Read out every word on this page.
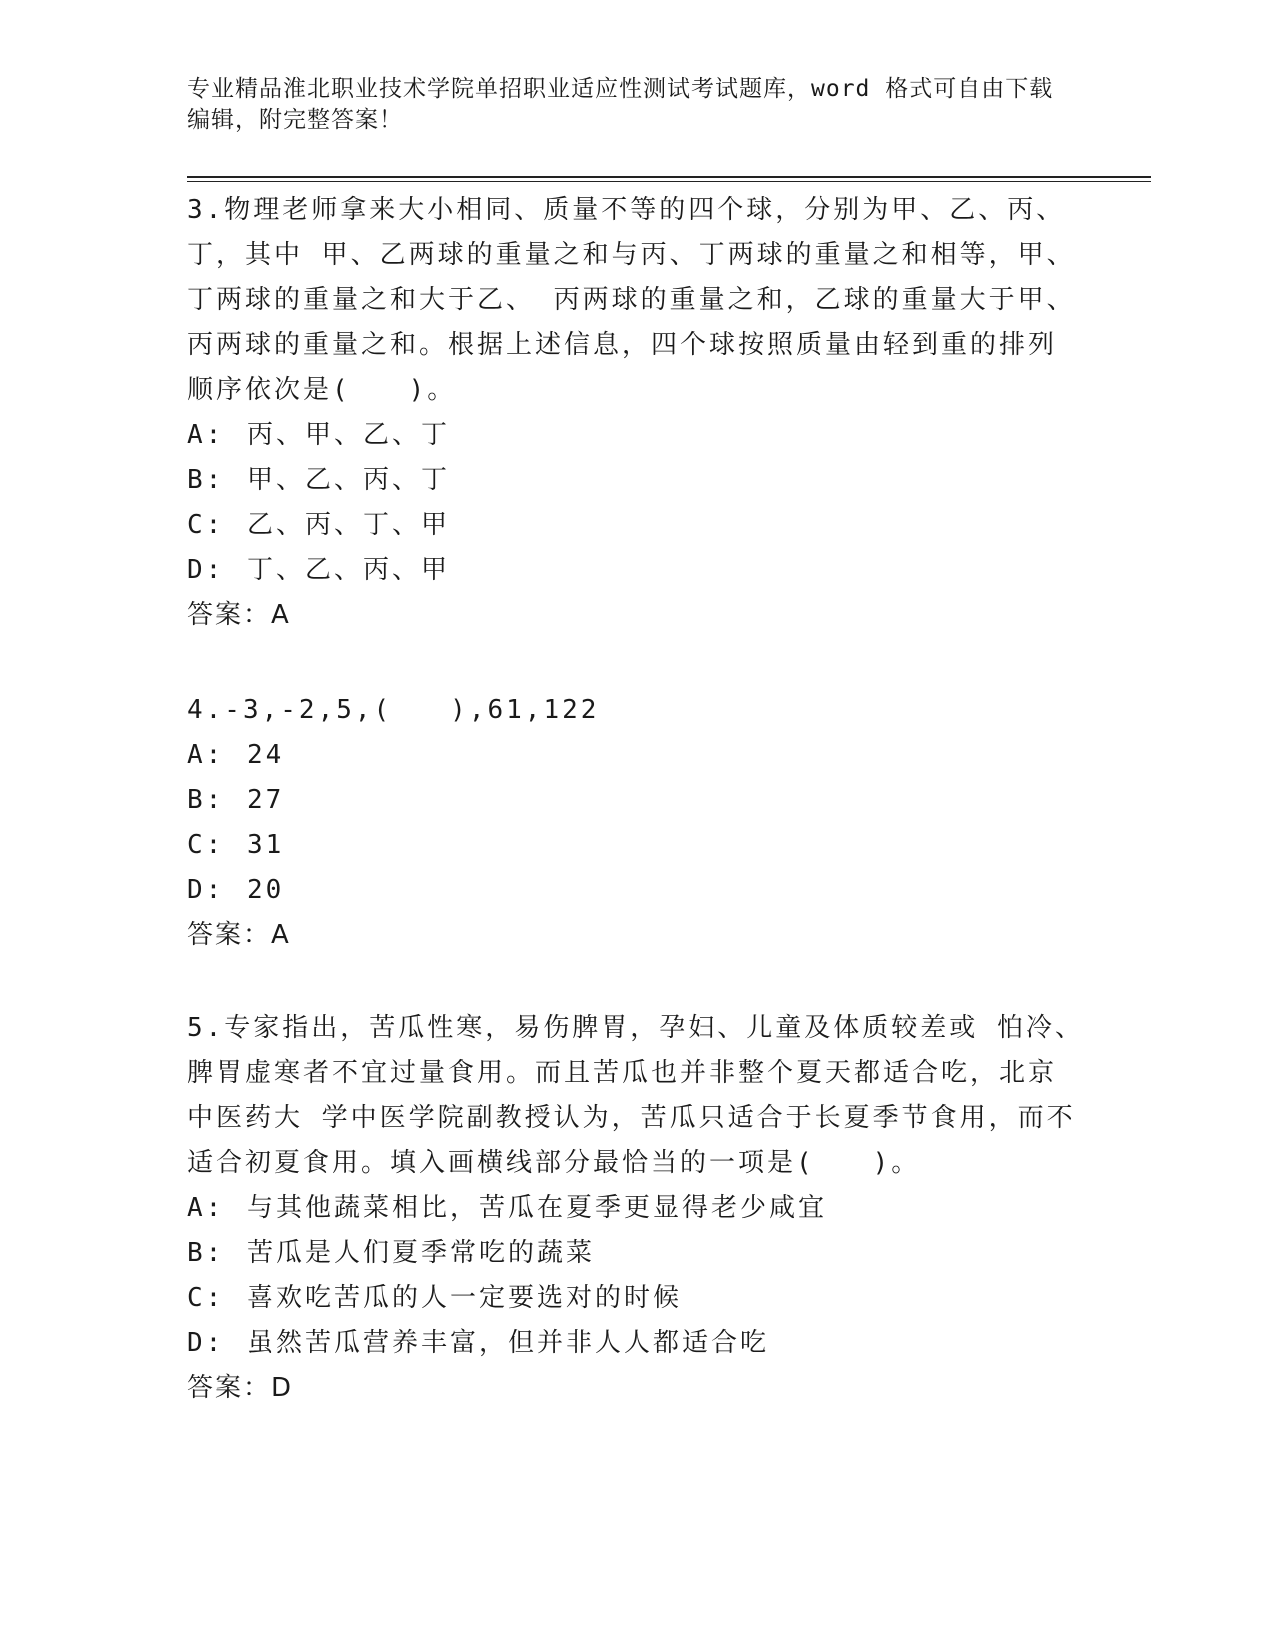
专业精品淮北职业技术学院单招职业适应性测试考试题库，word 格式可自由下载
编辑，附完整答案！
3.物理老师拿来大小相同、质量不等的四个球，分别为甲、乙、丙、
丁，其中 甲、乙两球的重量之和与丙、丁两球的重量之和相等，甲、
丁两球的重量之和大于乙、 丙两球的重量之和，乙球的重量大于甲、
丙两球的重量之和。根据上述信息，四个球按照质量由轻到重的排列
顺序依次是(　　)。
A: 丙、甲、乙、丁
B: 甲、乙、丙、丁
C: 乙、丙、丁、甲
D: 丁、乙、丙、甲
答案：A
4.-3,-2,5,(　　),61,122
A: 24
B: 27
C: 31
D: 20
答案：A
5.专家指出，苦瓜性寒，易伤脾胃，孕妇、儿童及体质较差或 怕冷、
脾胃虚寒者不宜过量食用。而且苦瓜也并非整个夏天都适合吃，北京
中医药大 学中医学院副教授认为，苦瓜只适合于长夏季节食用，而不
适合初夏食用。填入画横线部分最恰当的一项是(　　)。
A: 与其他蔬菜相比，苦瓜在夏季更显得老少咸宜
B: 苦瓜是人们夏季常吃的蔬菜
C: 喜欢吃苦瓜的人一定要选对的时候
D: 虽然苦瓜营养丰富，但并非人人都适合吃
答案：D
